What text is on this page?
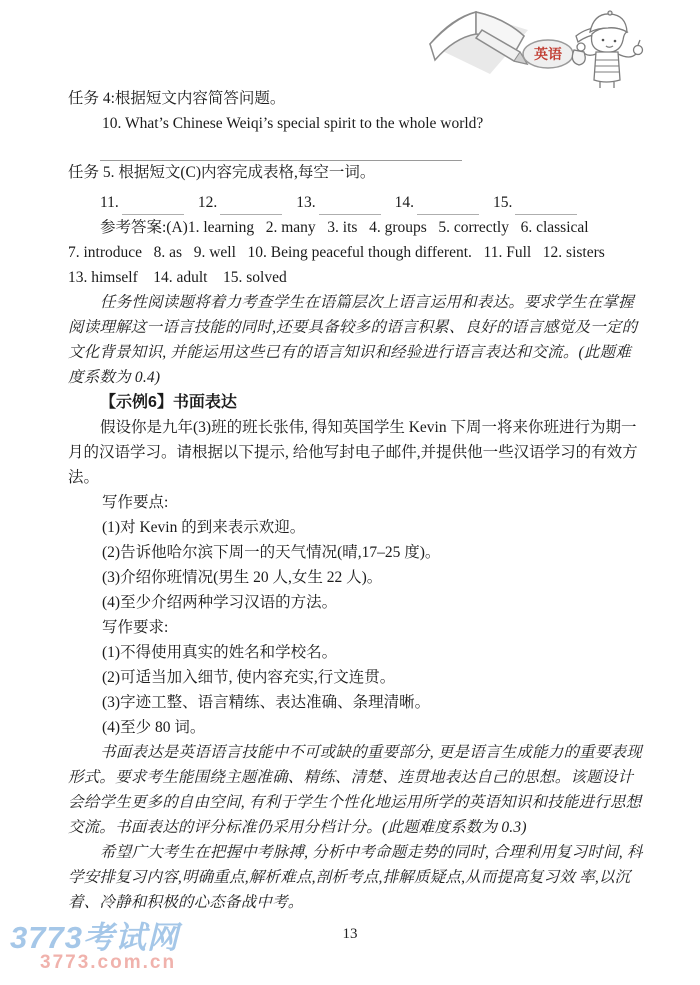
英语

任务 4:根据短文内容简答问题。

10. What’s Chinese Weiqi’s special spirit to the whole world?

任务 5. 根据短文(C)内容完成表格,每空一词。

11.	12.	13.	14.	15.

参考答案:(A)1. learning   2. many   3. its   4. groups   5. correctly   6. classical

7. introduce   8. as   9. well   10. Being peaceful though different.   11. Full   12. sisters

13. himself    14. adult    15. solved

任务性阅读题将着力考查学生在语篇层次上语言运用和表达。要求学生在掌握阅读理解这一语言技能的同时,还要具备较多的语言积累、良好的语言感觉及一定的文化背景知识, 并能运用这些已有的语言知识和经验进行语言表达和交流。(此题难度系数为 0.4)

【示例6】书面表达

假设你是九年(3)班的班长张伟, 得知英国学生 Kevin 下周一将来你班进行为期一月的汉语学习。请根据以下提示, 给他写封电子邮件,并提供他一些汉语学习的有效方法。

写作要点:

(1)对 Kevin 的到来表示欢迎。

(2)告诉他哈尔滨下周一的天气情况(晴,17–25 度)。

(3)介绍你班情况(男生 20 人,女生 22 人)。

(4)至少介绍两种学习汉语的方法。

写作要求:

(1)不得使用真实的姓名和学校名。

(2)可适当加入细节, 使内容充实,行文连贯。

(3)字迹工整、语言精练、表达准确、条理清晰。

(4)至少 80 词。

书面表达是英语语言技能中不可或缺的重要部分, 更是语言生成能力的重要表现形式。要求考生能围绕主题准确、精练、清楚、连贯地表达自己的思想。该题设计会给学生更多的自由空间, 有利于学生个性化地运用所学的英语知识和技能进行思想交流。书面表达的评分标准仍采用分档计分。(此题难度系数为 0.3)

希望广大考生在把握中考脉搏, 分析中考命题走势的同时, 合理利用复习时间, 科学安排复习内容,明确重点,解析难点,剖析考点,排解质疑点,从而提高复习效 率,以沉着、冷静和积极的心态备战中考。

3773考试网
3773.com.cn
13
